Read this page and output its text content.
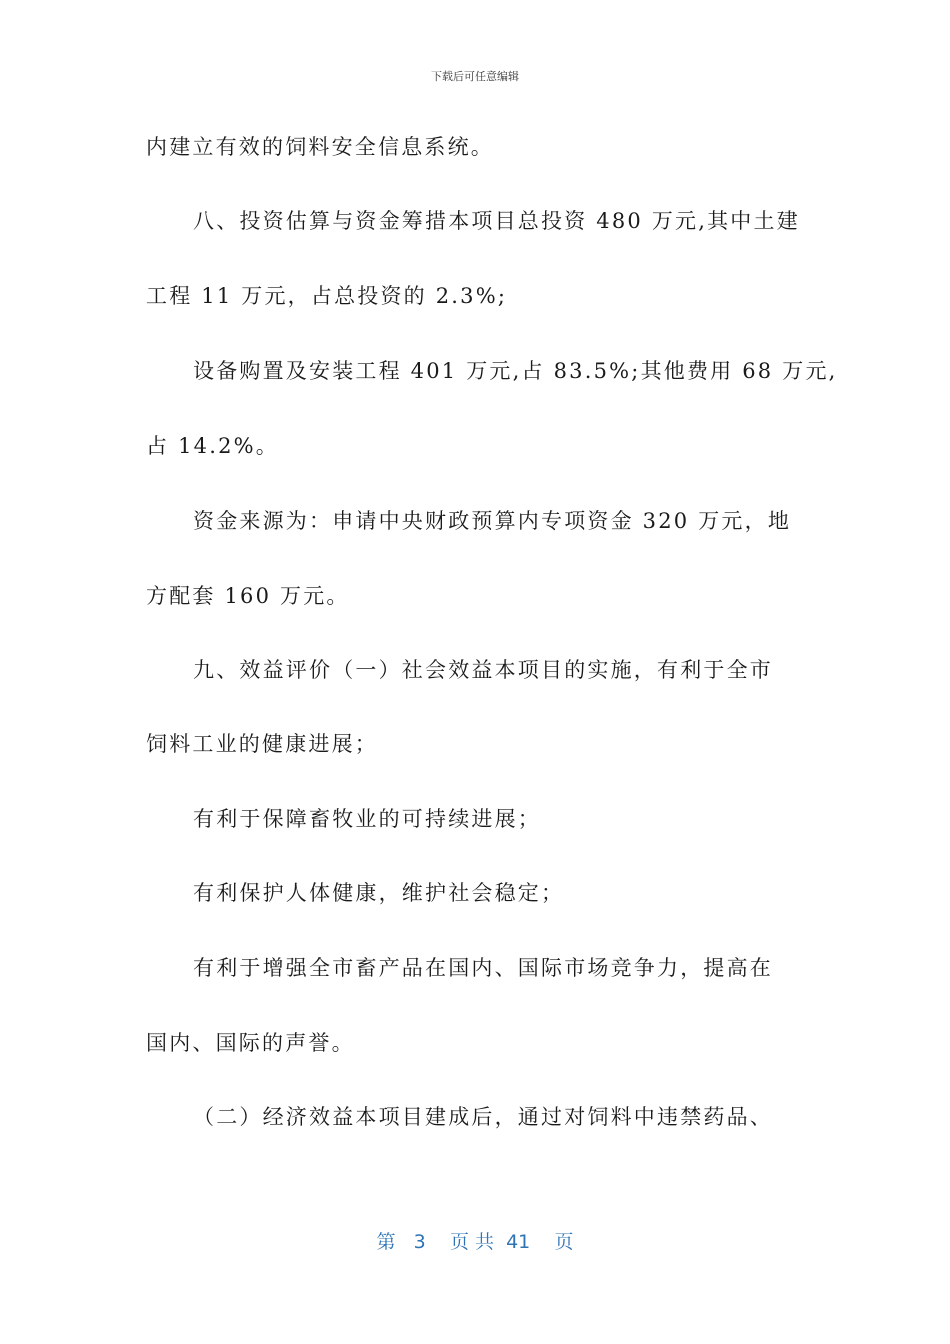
下载后可任意编辑
内建立有效的饲料安全信息系统。
八、投资估算与资金筹措本项目总投资 480 万元,其中土建
工程 11 万元，占总投资的 2.3%;
设备购置及安装工程 401 万元,占 83.5%;其他费用 68 万元,
占 14.2%。
资金来源为：申请中央财政预算内专项资金 320 万元，地
方配套 160 万元。
九、效益评价（一）社会效益本项目的实施，有利于全市
饲料工业的健康进展；
有利于保障畜牧业的可持续进展；
有利保护人体健康，维护社会稳定；
有利于增强全市畜产品在国内、国际市场竞争力，提高在
国内、国际的声誉。
（二）经济效益本项目建成后，通过对饲料中违禁药品、
第 3 页 共 41 页
